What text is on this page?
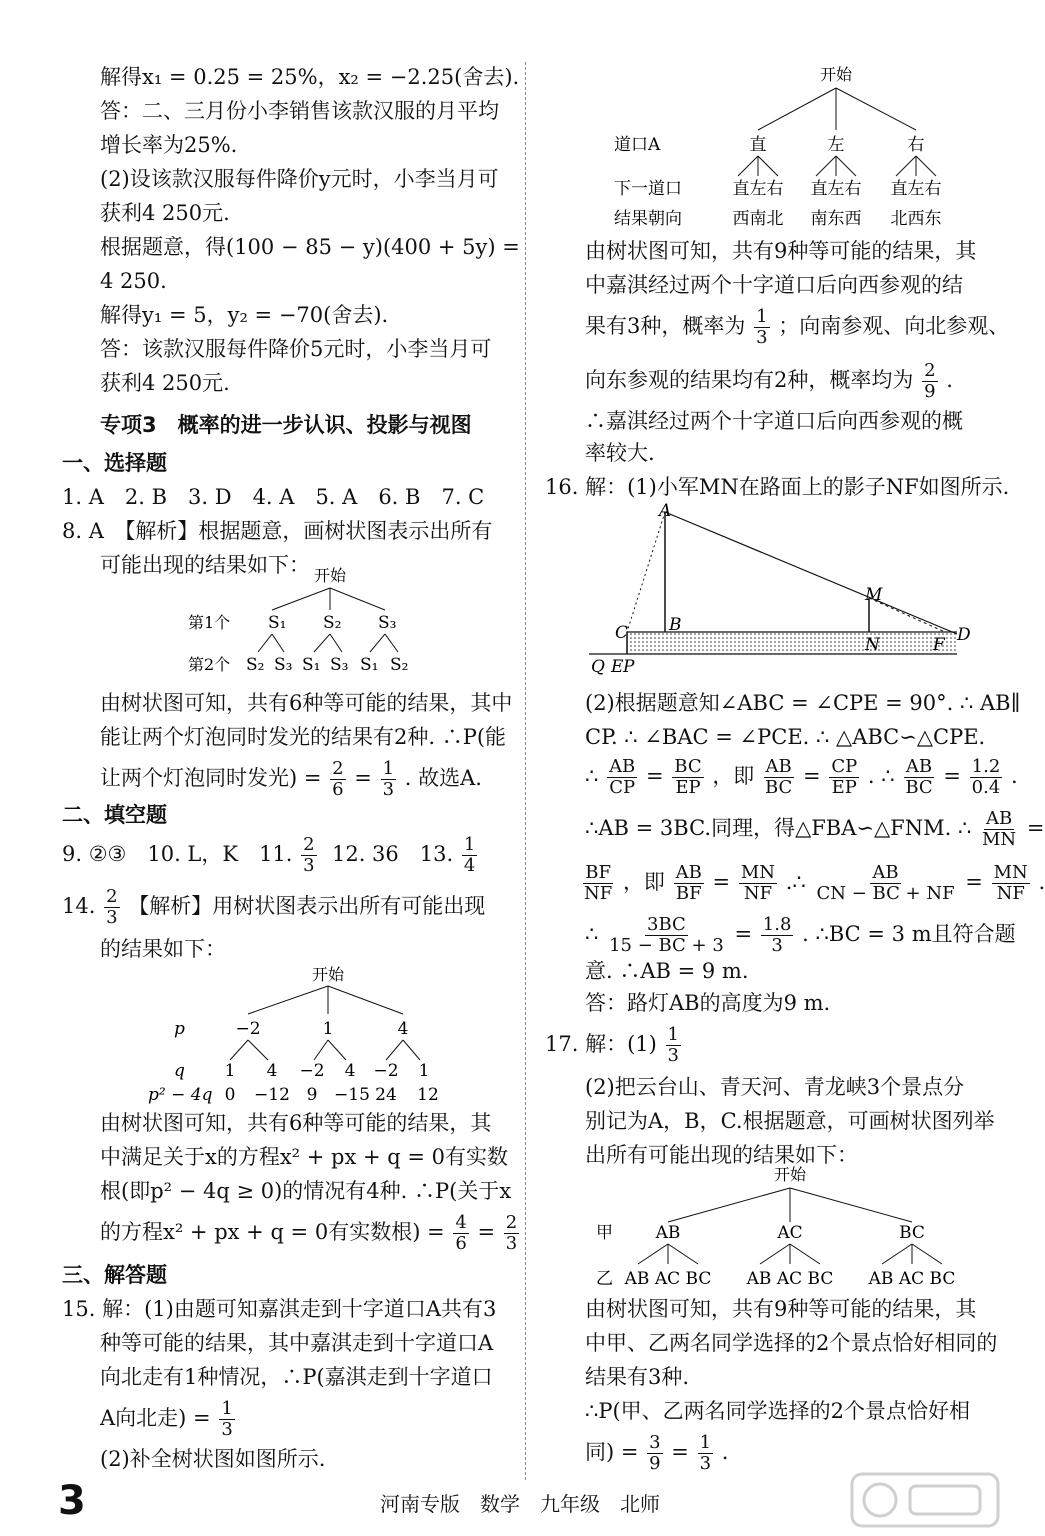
解得x₁ = 0.25 = 25%，x₂ = −2.25(舍去).
答：二、三月份小李销售该款汉服的月平均
增长率为25%.
(2)设该款汉服每件降价y元时，小李当月可
获利4 250元.
根据题意，得(100 − 85 − y)(400 + 5y) =
4 250.
解得y₁ = 5，y₂ = −70(舍去).
答：该款汉服每件降价5元时，小李当月可
获利4 250元.
专项3　概率的进一步认识、投影与视图
一、选择题
1. A　2. B　3. D　4. A　5. A　6. B　7. C
8. A　【解析】根据题意，画树状图表示出所有
可能出现的结果如下： 开始
第1个 S₁ S₂ S₃
第2个 S₂ S₃ S₁ S₃ S₁ S₂
由树状图可知，共有6种等可能的结果，其中
能让两个灯泡同时发光的结果有2种. ∴P(能
让两个灯泡同时发光) = $\frac{2}{6} = \frac{1}{3}$ . 故选A.
二、填空题
9. ②③　10. L，K　11. $\frac{2}{3} 12$. 36　13. $\frac{1}{4}$
14. $\frac{2}{3}$ 【解析】用树状图表示出所有可能出现
的结果如下：
开始
p	−2	1	4
q 1 4 −2 4 −2 1
p² − 4q 0 −12 9 −15 24 12
由树状图可知，共有6种等可能的结果，其
中满足关于x的方程x² + px + q = 0有实数
根(即p² − 4q ≥ 0)的情况有4种. ∴P(关于x
的方程x² + px + q = 0有实数根) = $\frac{4}{6} = \frac{2}{3}$
三、解答题
15. 解：(1)由题可知嘉淇走到十字道口A共有3
种等可能的结果，其中嘉淇走到十字道口A
向北走有1种情况，∴P(嘉淇走到十字道口
A向北走) = $\frac{1}{3}$
(2)补全树状图如图所示.
开始
道口A	直	左	右
下一道口	直左右 直左右 直左右
结果朝向	西南北 南东西 北西东
由树状图可知，共有9种等可能的结果，其
中嘉淇经过两个十字道口后向西参观的结
果有3种，概率为 $\frac{1}{3}$ ；向南参观、向北参观、
向东参观的结果均有2种，概率均为 $\frac{2}{9}$ .
∴嘉淇经过两个十字道口后向西参观的概
率较大.
16. 解：(1)小军MN在路面上的影子NF如图所示.
A
B
C
M
N	F D
Q E P
(2)根据题意知∠ABC = ∠CPE = 90°. ∴ AB∥
CP. ∴ ∠BAC = ∠PCE. ∴ △ABC∽△CPE.
∴ $\frac{AB}{CP} = \frac{BC}{EP}$ ，即 $\frac{AB}{BC} = \frac{CP}{EP}$ . ∴ $\frac{AB}{BC} = \frac{1.2}{0.4}$ .
∴AB = 3BC.同理，得△FBA∽△FNM. ∴ $\frac{AB}{MN}$ =
$\frac{BF}{NF}$ ，即 $\frac{AB}{BF} = \frac{MN}{NF}$ .∴ $\frac{AB}{CN - BC + NF} = \frac{MN}{NF}$ .
∴ $\frac{3BC}{15 - BC + 3} = \frac{1.8}{3}$ . ∴BC = 3 m且符合题
意. ∴AB = 9 m.
答：路灯AB的高度为9 m.
17. 解：$(1) \frac{1}{3}$
(2)把云台山、青天河、青龙峡3个景点分
别记为A，B，C.根据题意，可画树状图列举
出所有可能出现的结果如下：
开始
甲	AB	AC	BC
乙 AB AC BC AB AC BC AB AC BC
由树状图可知，共有9种等可能的结果，其
中甲、乙两名同学选择的2个景点恰好相同的
结果有3种.
∴P(甲、乙两名同学选择的2个景点恰好相
同) = $\frac{3}{9} = \frac{1}{3}$ .
3	河南专版　数学　九年级　北师
